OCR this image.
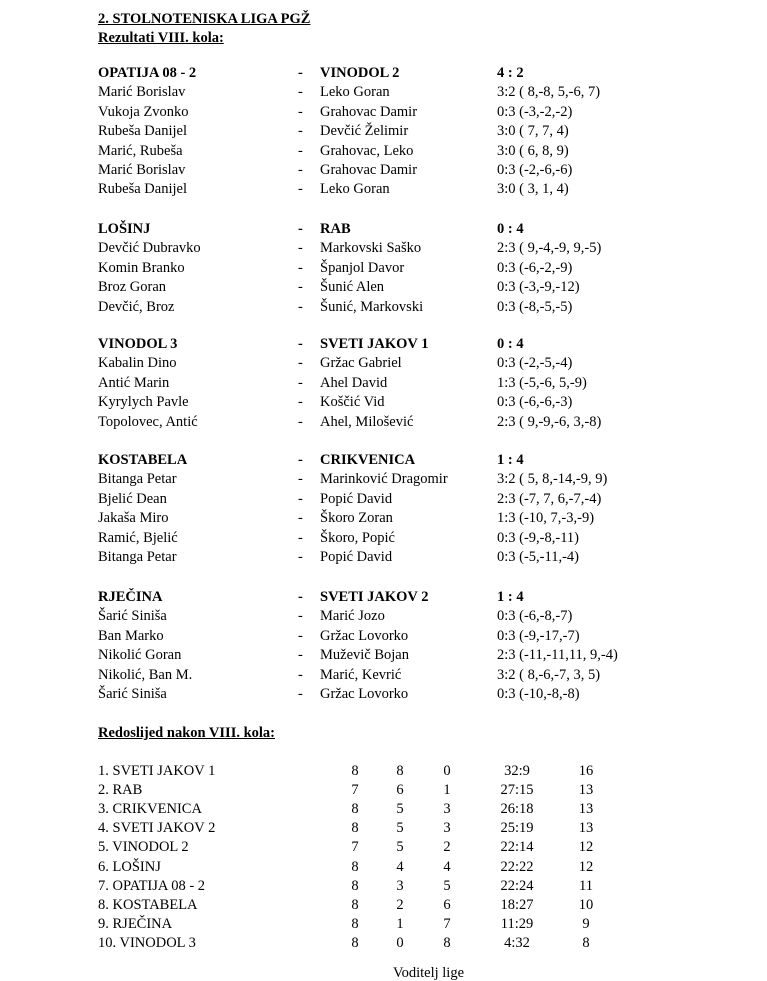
2. STOLNOTENISKA LIGA PGŽ
Rezultati VIII. kola:
OPATIJA 08 - 2	- VINODOL 2	4 : 2
Marić Borislav	- Leko Goran	3:2 ( 8,-8, 5,-6, 7)
Vukoja Zvonko	- Grahovac Damir	0:3 (-3,-2,-2)
Rubeša Danijel	- Devčić Želimir	3:0 ( 7, 7, 4)
Marić, Rubeša	- Grahovac, Leko	3:0 ( 6, 8, 9)
Marić Borislav	- Grahovac Damir	0:3 (-2,-6,-6)
Rubeša Danijel	- Leko Goran	3:0 ( 3, 1, 4)
LOŠINJ	- RAB	0 : 4
Devčić Dubravko	- Markovski Saško	2:3 ( 9,-4,-9, 9,-5)
Komin Branko	- Španjol Davor	0:3 (-6,-2,-9)
Broz Goran	- Šunić Alen	0:3 (-3,-9,-12)
Devčić, Broz	- Šunić, Markovski	0:3 (-8,-5,-5)
VINODOL 3	- SVETI JAKOV 1	0 : 4
Kabalin Dino	- Gržac Gabriel	0:3 (-2,-5,-4)
Antić Marin	- Ahel David	1:3 (-5,-6, 5,-9)
Kyrylych Pavle	- Koščić Vid	0:3 (-6,-6,-3)
Topolovec, Antić	- Ahel, Milošević	2:3 ( 9,-9,-6, 3,-8)
KOSTABELA	- CRIKVENICA	1 : 4
Bitanga Petar	- Marinković Dragomir	3:2 ( 5, 8,-14,-9, 9)
Bjelić Dean	- Popić David	2:3 (-7, 7, 6,-7,-4)
Jakaša Miro	- Škoro Zoran	1:3 (-10, 7,-3,-9)
Ramić, Bjelić	- Škoro, Popić	0:3 (-9,-8,-11)
Bitanga Petar	- Popić David	0:3 (-5,-11,-4)
RJEČINA	- SVETI JAKOV 2	1 : 4
Šarić Siniša	- Marić Jozo	0:3 (-6,-8,-7)
Ban Marko	- Gržac Lovorko	0:3 (-9,-17,-7)
Nikolić Goran	- Muževič Bojan	2:3 (-11,-11,11, 9,-4)
Nikolić, Ban M.	- Marić, Kevrić	3:2 ( 8,-6,-7, 3, 5)
Šarić Siniša	- Gržac Lovorko	0:3 (-10,-8,-8)
Redoslijed nakon VIII. kola:
1. SVETI JAKOV 1	8	8	0	32:9	16
2. RAB	7	6	1	27:15	13
3. CRIKVENICA	8	5	3	26:18	13
4. SVETI JAKOV 2	8	5	3	25:19	13
5. VINODOL 2	7	5	2	22:14	12
6. LOŠINJ	8	4	4	22:22	12
7. OPATIJA 08 - 2	8	3	5	22:24	11
8. KOSTABELA	8	2	6	18:27	10
9. RJEČINA	8	1	7	11:29	9
10. VINODOL 3	8	0	8	4:32	8
Voditelj lige
